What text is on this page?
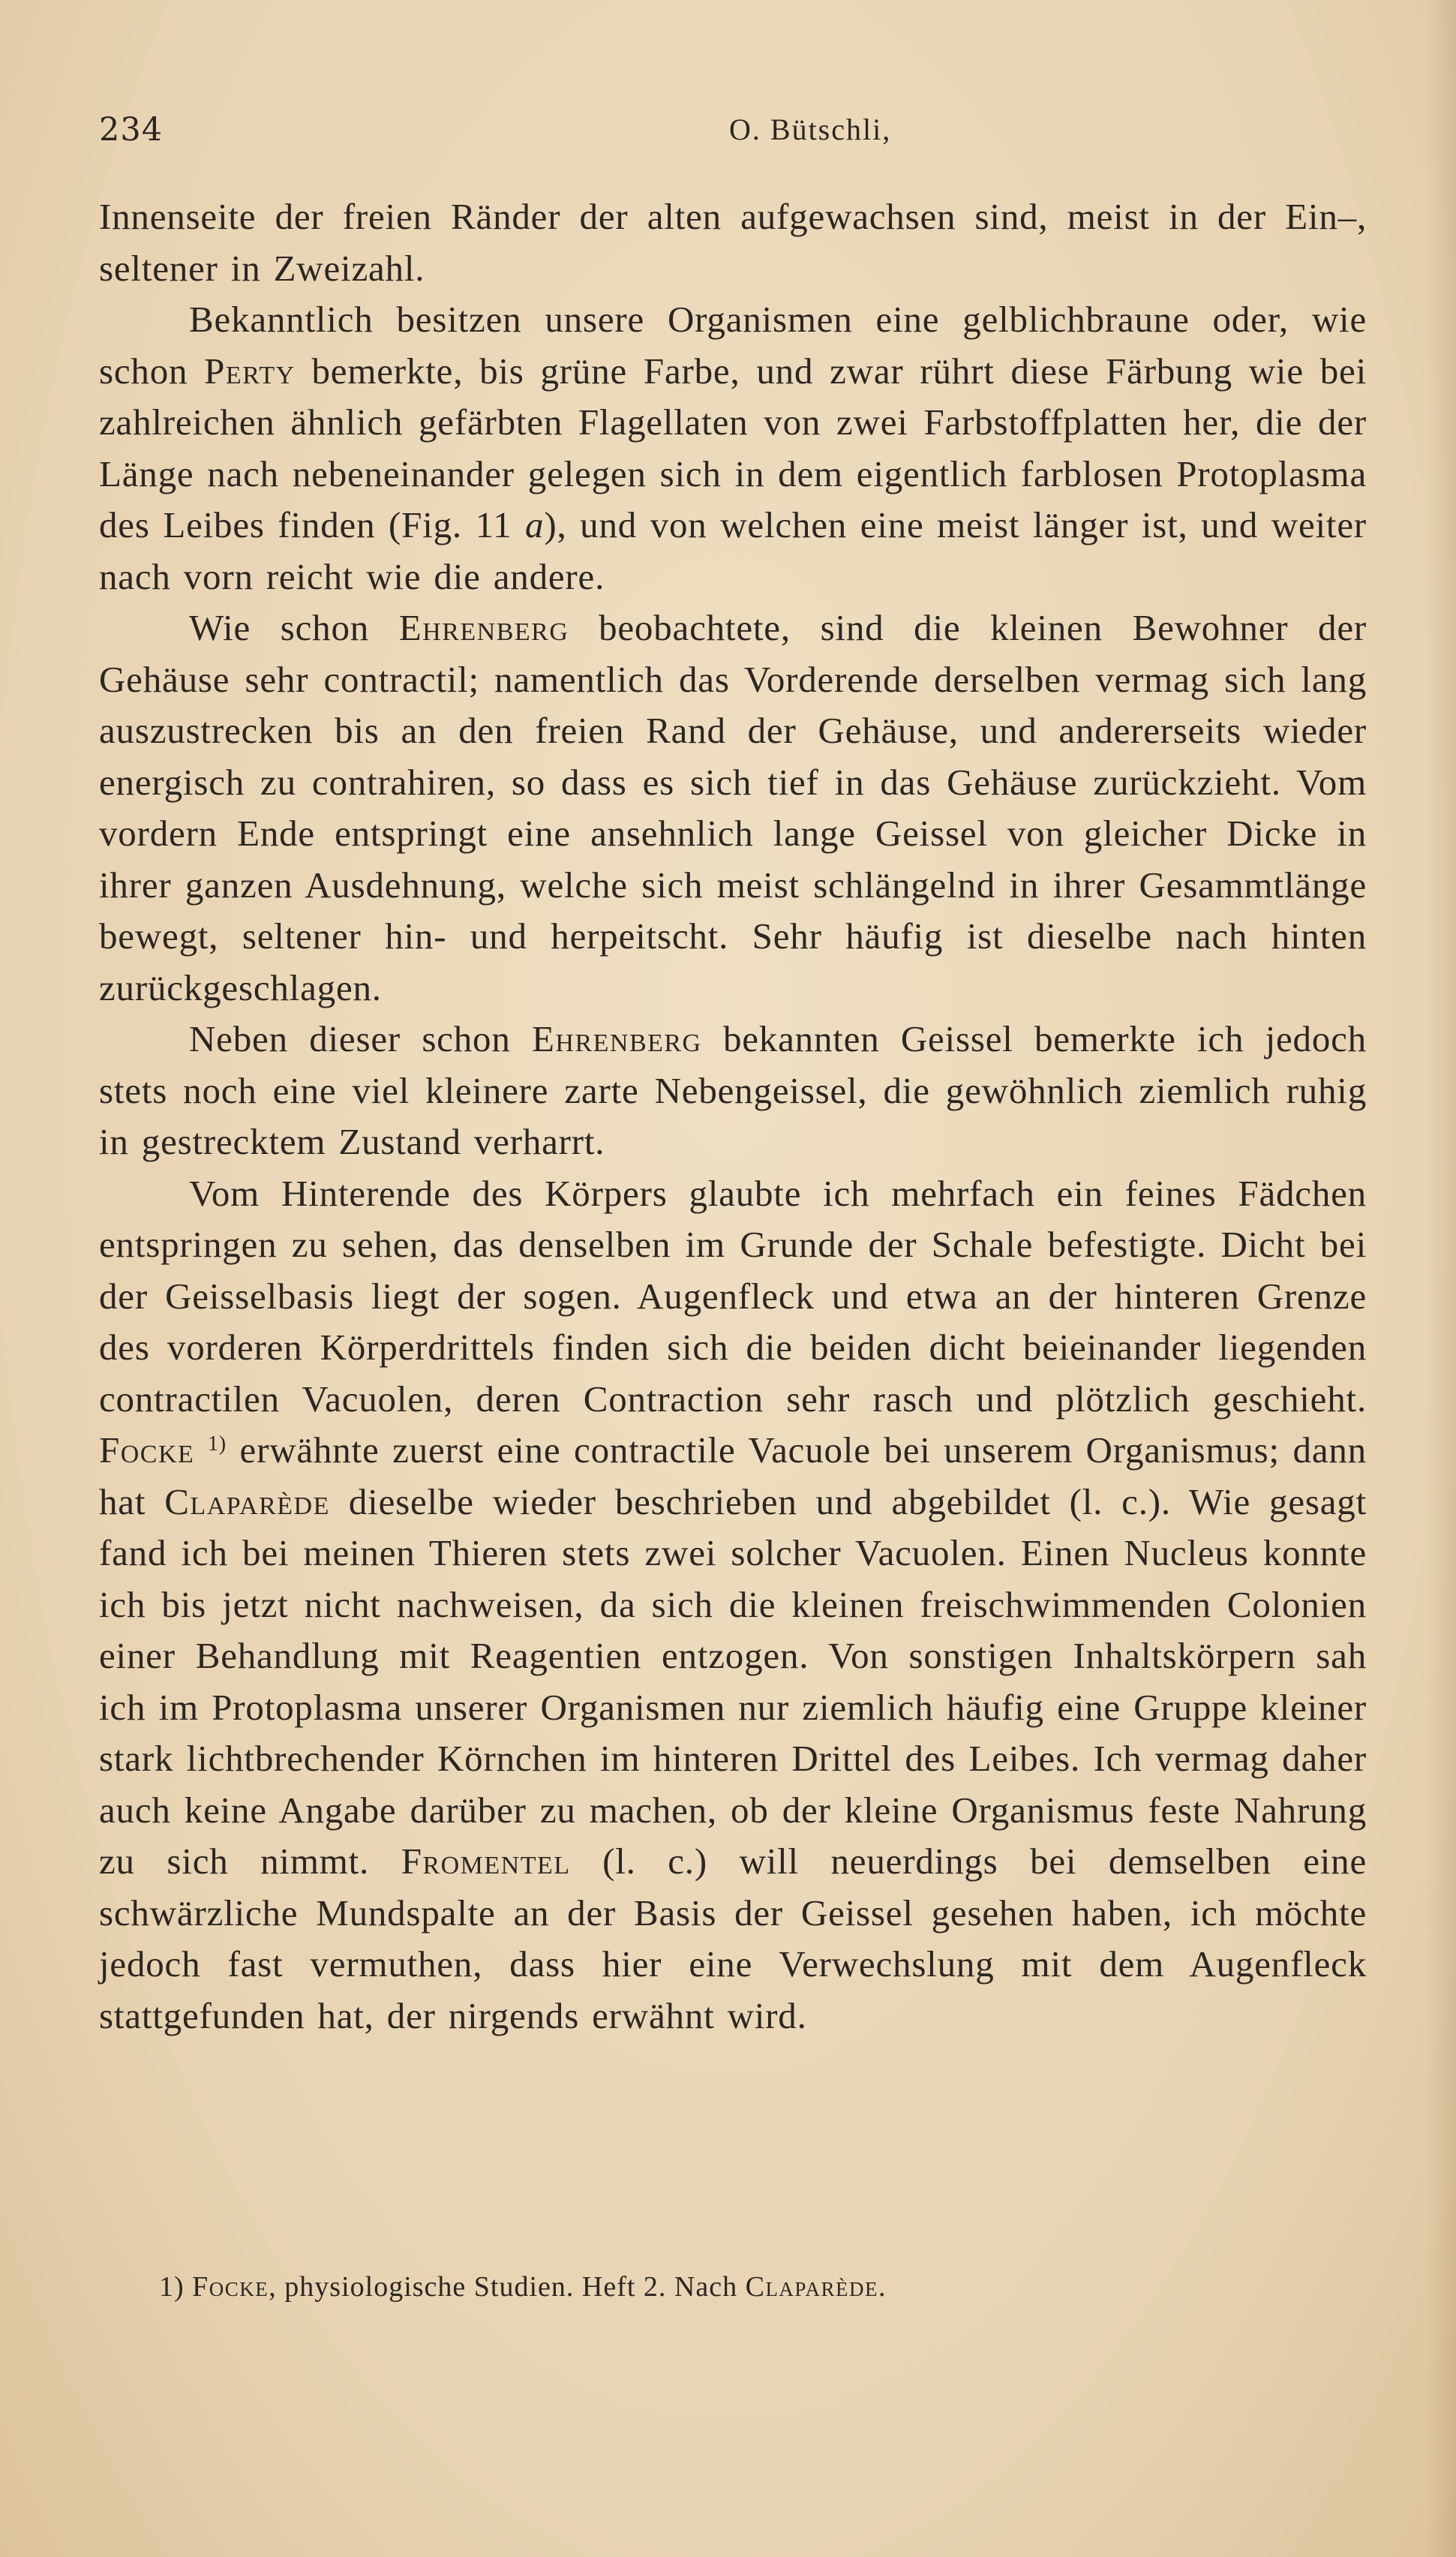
234	O. Bütschli,

Innenseite der freien Ränder der alten aufgewachsen sind, meist in der Ein–, seltener in Zweizahl.

Bekanntlich besitzen unsere Organismen eine gelblichbraune oder, wie schon Perty bemerkte, bis grüne Farbe, und zwar rührt diese Färbung wie bei zahlreichen ähnlich gefärbten Flagellaten von zwei Farbstoffplatten her, die der Länge nach nebeneinander gelegen sich in dem eigentlich farblosen Protoplasma des Leibes finden (Fig. 11 a), und von welchen eine meist länger ist, und weiter nach vorn reicht wie die andere.

Wie schon Ehrenberg beobachtete, sind die kleinen Bewohner der Gehäuse sehr contractil; namentlich das Vorderende derselben vermag sich lang auszustrecken bis an den freien Rand der Gehäuse, und andererseits wieder energisch zu contrahiren, so dass es sich tief in das Gehäuse zurückzieht. Vom vordern Ende entspringt eine ansehnlich lange Geissel von gleicher Dicke in ihrer ganzen Ausdehnung, welche sich meist schlängelnd in ihrer Gesammtlänge bewegt, seltener hin- und herpeitscht. Sehr häufig ist dieselbe nach hinten zurückgeschlagen.

Neben dieser schon Ehrenberg bekannten Geissel bemerkte ich jedoch stets noch eine viel kleinere zarte Nebengeissel, die gewöhnlich ziemlich ruhig in gestrecktem Zustand verharrt.

Vom Hinterende des Körpers glaubte ich mehrfach ein feines Fädchen entspringen zu sehen, das denselben im Grunde der Schale befestigte. Dicht bei der Geisselbasis liegt der sogen. Augenfleck und etwa an der hinteren Grenze des vorderen Körperdrittels finden sich die beiden dicht beieinander liegenden contractilen Vacuolen, deren Contraction sehr rasch und plötzlich geschieht. Focke $^{1)}$ erwähnte zuerst eine contractile Vacuole bei unserem Organismus; dann hat Claparède dieselbe wieder beschrieben und abgebildet (l. c.). Wie gesagt fand ich bei meinen Thieren stets zwei solcher Vacuolen. Einen Nucleus konnte ich bis jetzt nicht nachweisen, da sich die kleinen freischwimmenden Colonien einer Behandlung mit Reagentien entzogen. Von sonstigen Inhaltskörpern sah ich im Protoplasma unserer Organismen nur ziemlich häufig eine Gruppe kleiner stark lichtbrechender Körnchen im hinteren Drittel des Leibes. Ich vermag daher auch keine Angabe darüber zu machen, ob der kleine Organismus feste Nahrung zu sich nimmt. Fromentel (l. c.) will neuerdings bei demselben eine schwärzliche Mundspalte an der Basis der Geissel gesehen haben, ich möchte jedoch fast vermuthen, dass hier eine Verwechslung mit dem Augenfleck stattgefunden hat, der nirgends erwähnt wird.

1) Focke, physiologische Studien. Heft 2. Nach Claparède.
